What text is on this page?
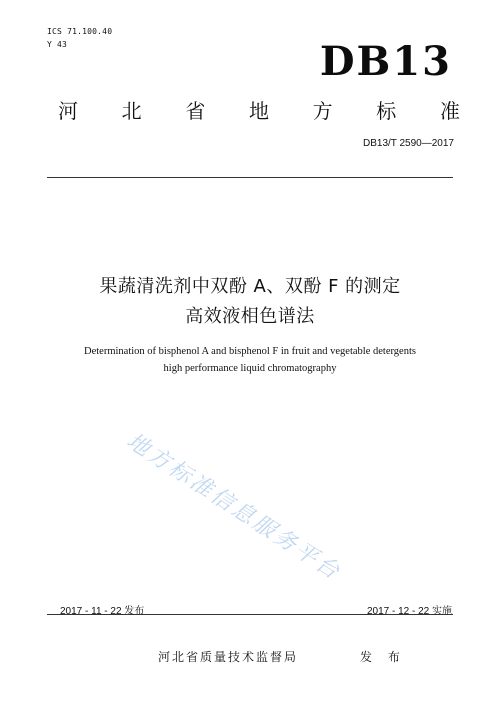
ICS 71.100.40
Y 43	DB13
河 北 省 地 方 标 准
DB13/T 2590—2017
果蔬清洗剂中双酚 A、双酚 F 的测定
高效液相色谱法
Determination of bisphenol A and bisphenol F in fruit and vegetable detergents
high performance liquid chromatography
地方标准信息服务平台
2017 - 11 - 22 发布	2017 - 12 - 22 实施
河北省质量技术监督局	发 布
